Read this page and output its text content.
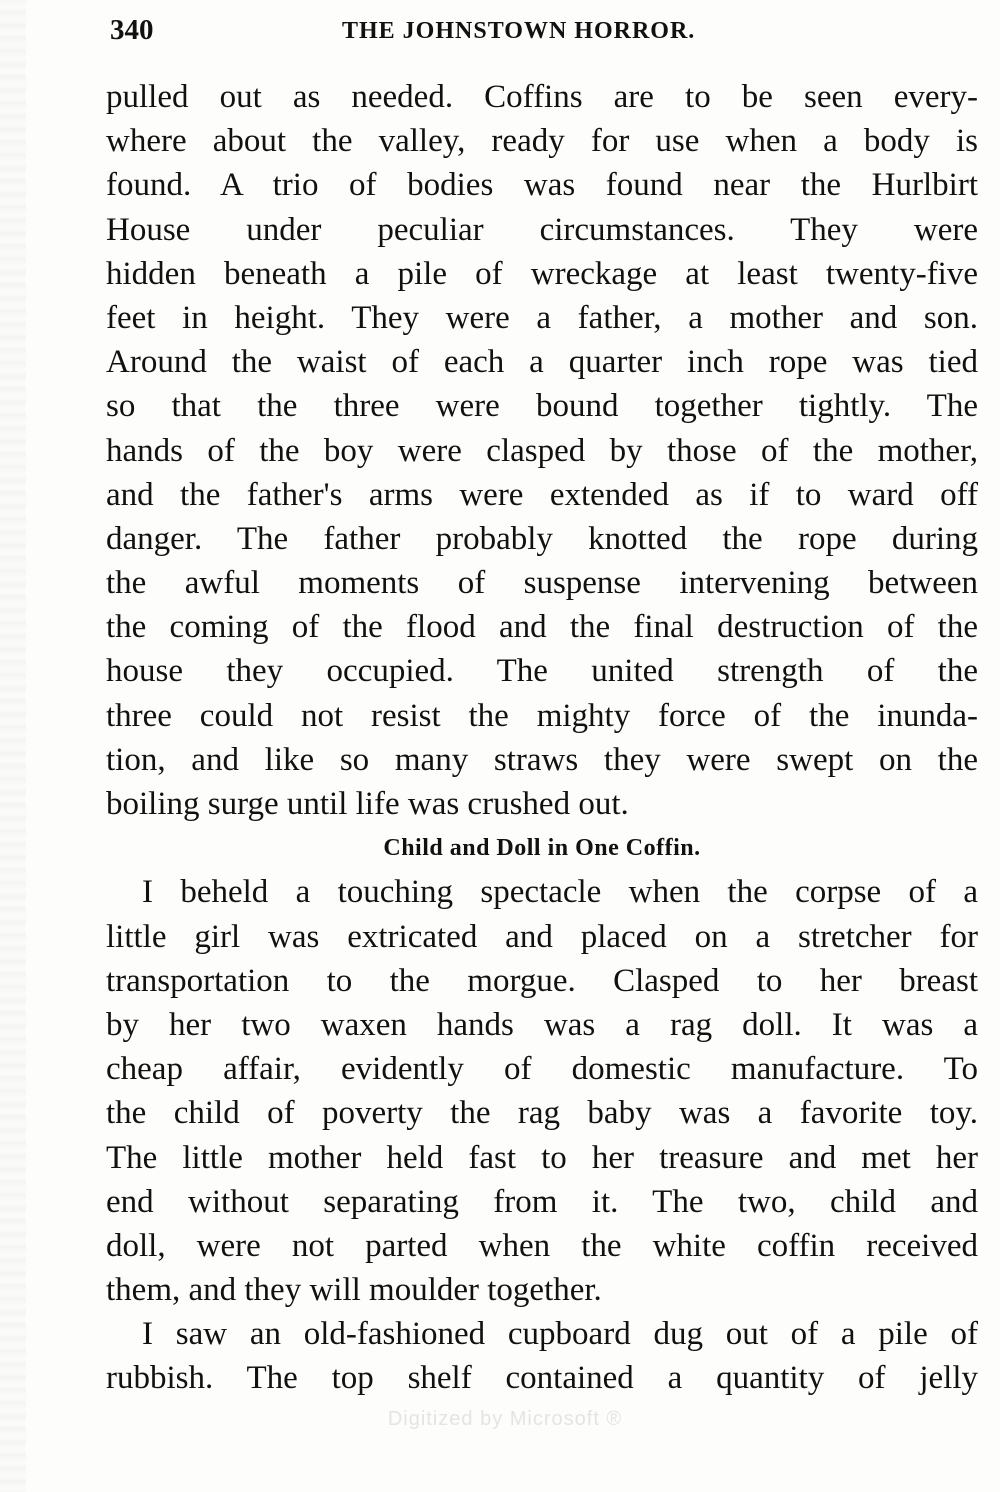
340	THE JOHNSTOWN HORROR.
pulled out as needed. Coffins are to be seen every-
where about the valley, ready for use when a body is
found. A trio of bodies was found near the Hurlbirt
House under peculiar circumstances. They were
hidden beneath a pile of wreckage at least twenty-five
feet in height. They were a father, a mother and son.
Around the waist of each a quarter inch rope was tied
so that the three were bound together tightly. The
hands of the boy were clasped by those of the mother,
and the father's arms were extended as if to ward off
danger. The father probably knotted the rope during
the awful moments of suspense intervening between
the coming of the flood and the final destruction of the
house they occupied. The united strength of the
three could not resist the mighty force of the inunda-
tion, and like so many straws they were swept on the
boiling surge until life was crushed out.
Child and Doll in One Coffin.
I beheld a touching spectacle when the corpse of a
little girl was extricated and placed on a stretcher for
transportation to the morgue. Clasped to her breast
by her two waxen hands was a rag doll. It was a
cheap affair, evidently of domestic manufacture. To
the child of poverty the rag baby was a favorite toy.
The little mother held fast to her treasure and met her
end without separating from it. The two, child and
doll, were not parted when the white coffin received
them, and they will moulder together.
I saw an old-fashioned cupboard dug out of a pile of
rubbish. The top shelf contained a quantity of jelly
Digitized by Microsoft ®
